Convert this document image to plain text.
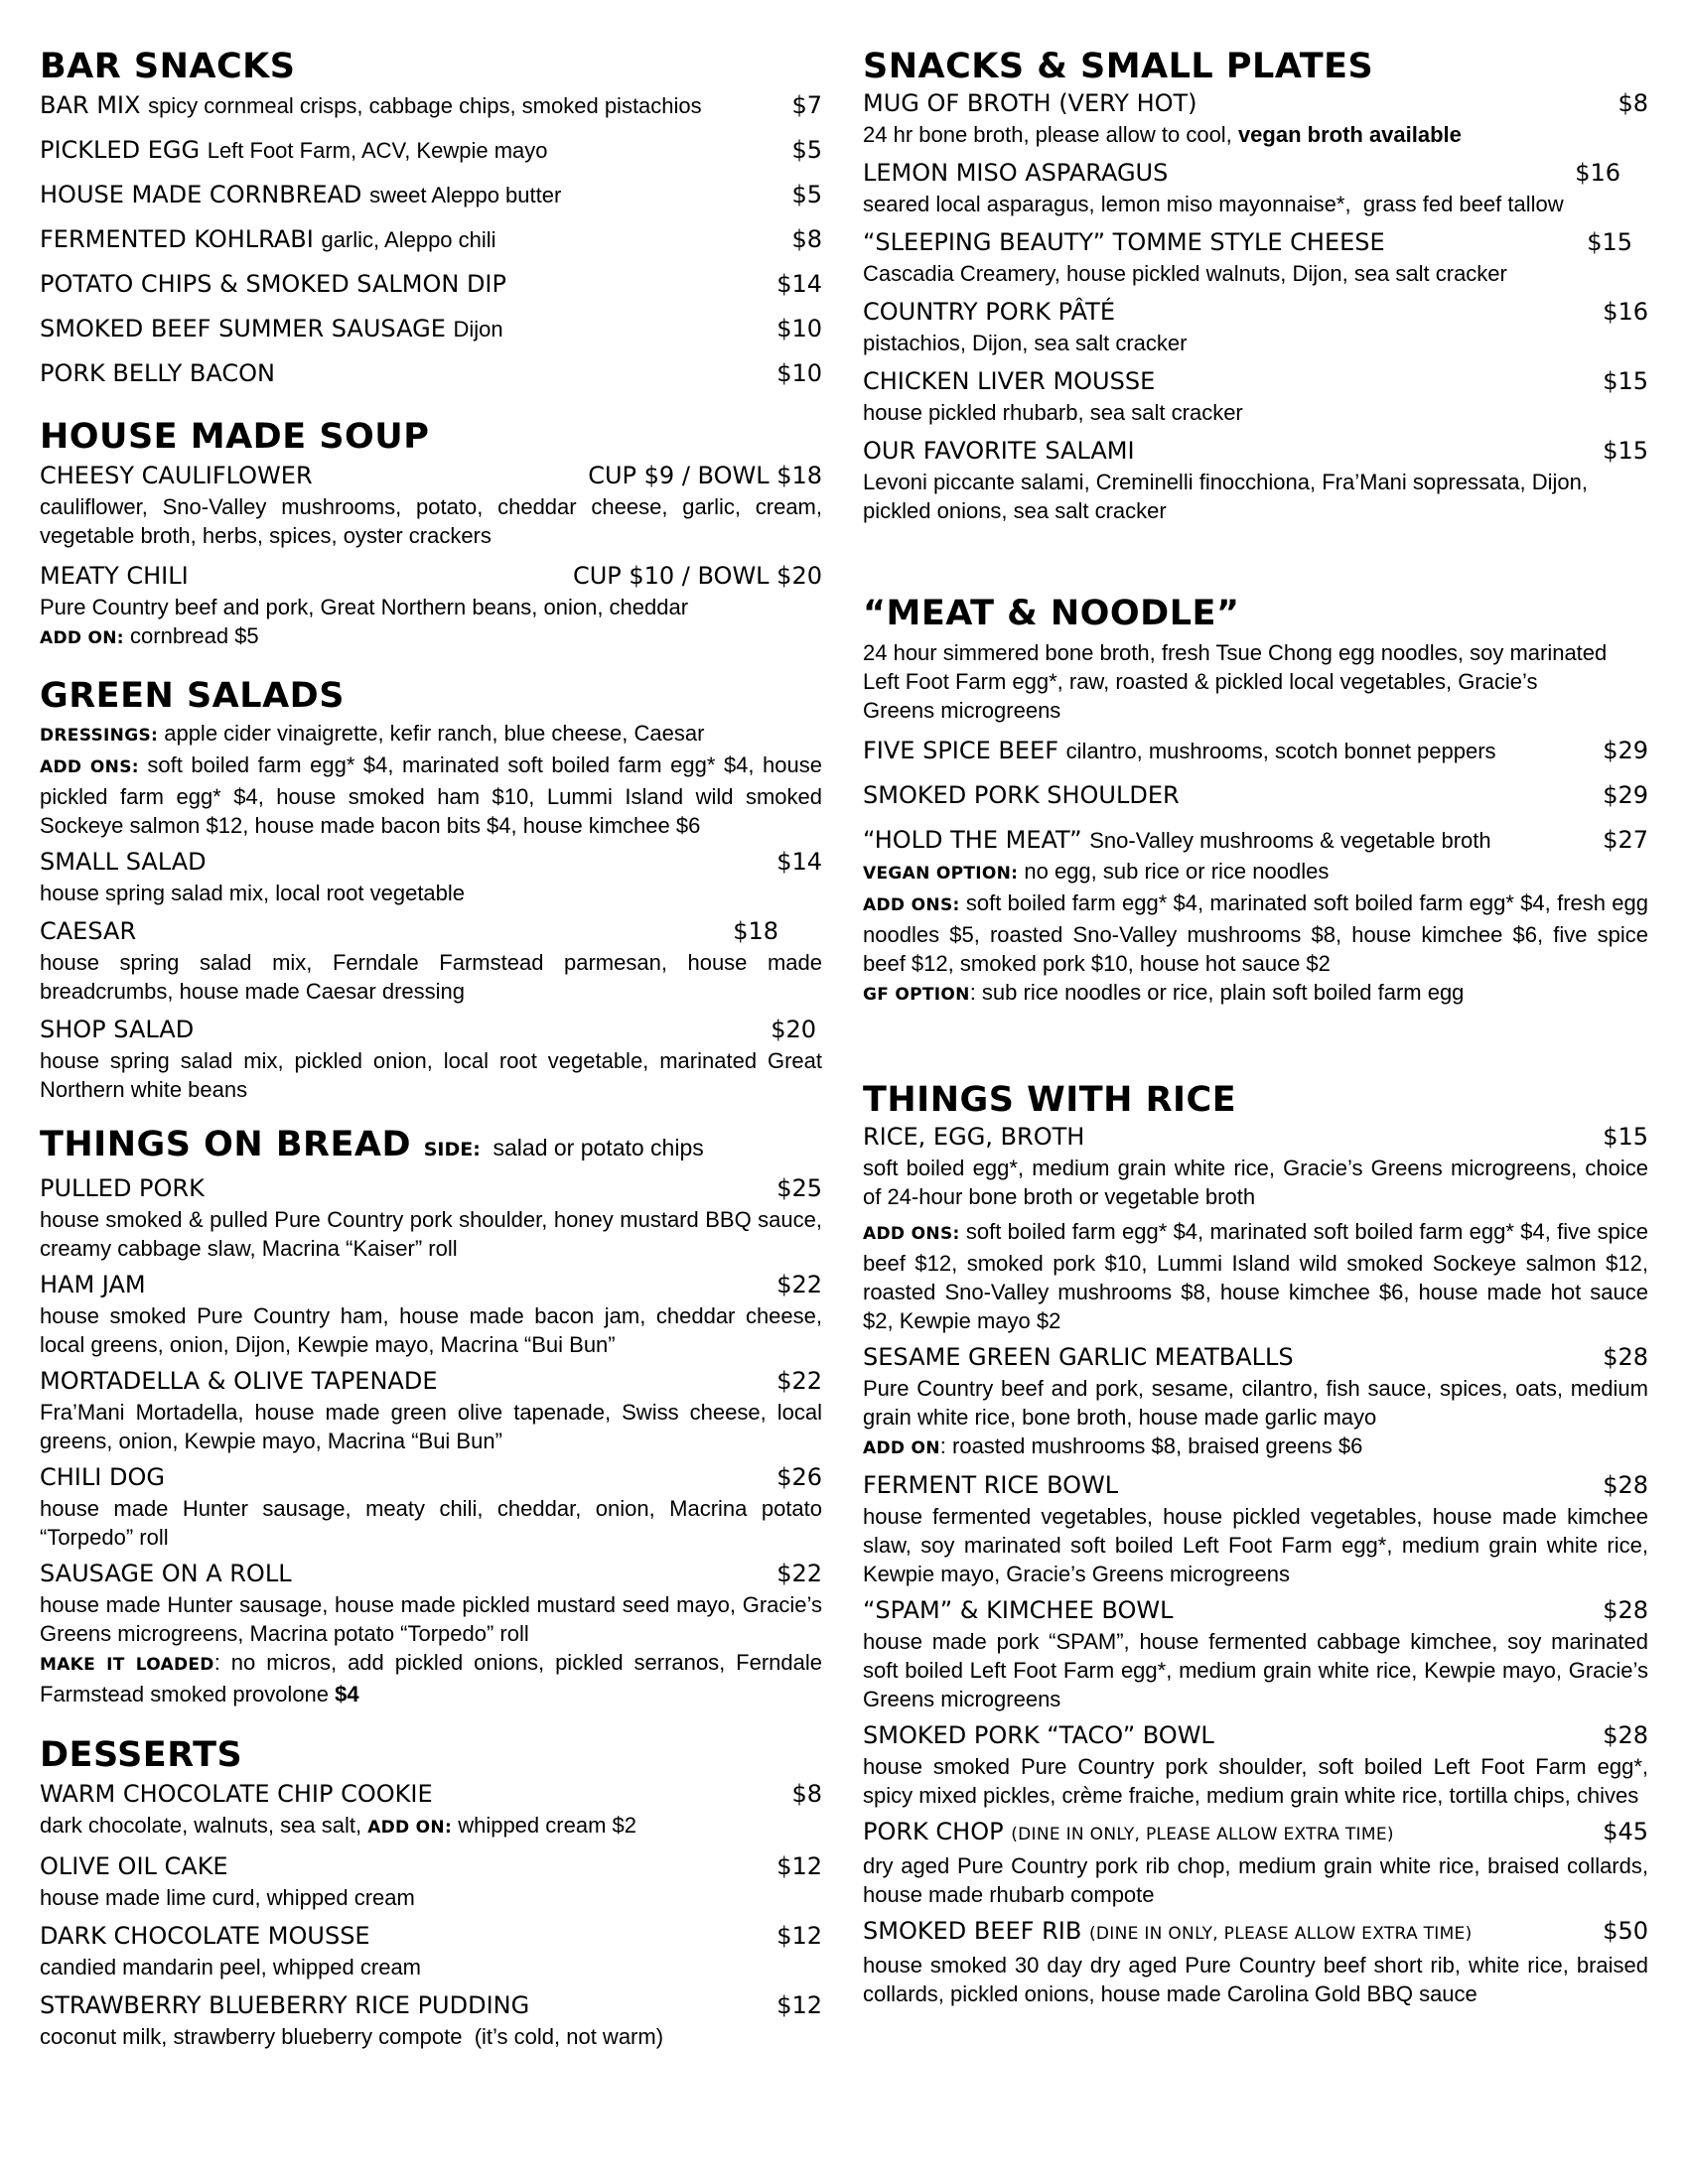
BAR SNACKS
BAR MIX spicy cornmeal crisps, cabbage chips, smoked pistachios	$7
PICKLED EGG Left Foot Farm, ACV, Kewpie mayo	$5
HOUSE MADE CORNBREAD sweet Aleppo butter	$5
FERMENTED KOHLRABI garlic, Aleppo chili	$8
POTATO CHIPS & SMOKED SALMON DIP	$14
SMOKED BEEF SUMMER SAUSAGE Dijon	$10
PORK BELLY BACON	$10
HOUSE MADE SOUP
CHEESY CAULIFLOWER	CUP $9 / BOWL $18
cauliflower, Sno-Valley mushrooms, potato, cheddar cheese, garlic, cream, vegetable broth, herbs, spices, oyster crackers
MEATY CHILI	CUP $10 / BOWL $20
Pure Country beef and pork, Great Northern beans, onion, cheddar
ADD ON: cornbread $5
GREEN SALADS
DRESSINGS: apple cider vinaigrette, kefir ranch, blue cheese, Caesar
ADD ONS: soft boiled farm egg* $4, marinated soft boiled farm egg* $4, house pickled farm egg* $4, house smoked ham $10, Lummi Island wild smoked Sockeye salmon $12, house made bacon bits $4, house kimchee $6
SMALL SALAD	$14
house spring salad mix, local root vegetable
CAESAR	$18
house spring salad mix, Ferndale Farmstead parmesan, house made breadcrumbs, house made Caesar dressing
SHOP SALAD	$20
house spring salad mix, pickled onion, local root vegetable, marinated Great Northern white beans
THINGS ON BREAD SIDE: salad or potato chips
PULLED PORK	$25
house smoked & pulled Pure Country pork shoulder, honey mustard BBQ sauce, creamy cabbage slaw, Macrina “Kaiser” roll
HAM JAM	$22
house smoked Pure Country ham, house made bacon jam, cheddar cheese, local greens, onion, Dijon, Kewpie mayo, Macrina “Bui Bun”
MORTADELLA & OLIVE TAPENADE	$22
Fra’Mani Mortadella, house made green olive tapenade, Swiss cheese, local greens, onion, Kewpie mayo, Macrina “Bui Bun”
CHILI DOG	$26
house made Hunter sausage, meaty chili, cheddar, onion, Macrina potato “Torpedo” roll
SAUSAGE ON A ROLL	$22
house made Hunter sausage, house made pickled mustard seed mayo, Gracie’s Greens microgreens, Macrina potato “Torpedo” roll
MAKE IT LOADED: no micros, add pickled onions, pickled serranos, Ferndale Farmstead smoked provolone $4
DESSERTS
WARM CHOCOLATE CHIP COOKIE	$8
dark chocolate, walnuts, sea salt, ADD ON: whipped cream $2
OLIVE OIL CAKE	$12
house made lime curd, whipped cream
DARK CHOCOLATE MOUSSE	$12
candied mandarin peel, whipped cream
STRAWBERRY BLUEBERRY RICE PUDDING	$12
coconut milk, strawberry blueberry compote  (it’s cold, not warm)
SNACKS & SMALL PLATES
MUG OF BROTH (VERY HOT)	$8
24 hr bone broth, please allow to cool, vegan broth available
LEMON MISO ASPARAGUS	$16
seared local asparagus, lemon miso mayonnaise*,  grass fed beef tallow
“SLEEPING BEAUTY” TOMME STYLE CHEESE	$15
Cascadia Creamery, house pickled walnuts, Dijon, sea salt cracker
COUNTRY PORK PÂTÉ	$16
pistachios, Dijon, sea salt cracker
CHICKEN LIVER MOUSSE	$15
house pickled rhubarb, sea salt cracker
OUR FAVORITE SALAMI	$15
Levoni piccante salami, Creminelli finocchiona, Fra’Mani sopressata, Dijon, pickled onions, sea salt cracker
“MEAT & NOODLE”
24 hour simmered bone broth, fresh Tsue Chong egg noodles, soy marinated Left Foot Farm egg*, raw, roasted & pickled local vegetables, Gracie’s Greens microgreens
FIVE SPICE BEEF cilantro, mushrooms, scotch bonnet peppers	$29
SMOKED PORK SHOULDER	$29
“HOLD THE MEAT” Sno-Valley mushrooms & vegetable broth	$27
VEGAN OPTION: no egg, sub rice or rice noodles
ADD ONS: soft boiled farm egg* $4, marinated soft boiled farm egg* $4, fresh egg noodles $5, roasted Sno-Valley mushrooms $8, house kimchee $6, five spice beef $12, smoked pork $10, house hot sauce $2
GF OPTION: sub rice noodles or rice, plain soft boiled farm egg
THINGS WITH RICE
RICE, EGG, BROTH	$15
soft boiled egg*, medium grain white rice, Gracie’s Greens microgreens, choice of 24-hour bone broth or vegetable broth
ADD ONS: soft boiled farm egg* $4, marinated soft boiled farm egg* $4, five spice beef $12, smoked pork $10, Lummi Island wild smoked Sockeye salmon $12, roasted Sno-Valley mushrooms $8, house kimchee $6, house made hot sauce $2, Kewpie mayo $2
SESAME GREEN GARLIC MEATBALLS	$28
Pure Country beef and pork, sesame, cilantro, fish sauce, spices, oats, medium grain white rice, bone broth, house made garlic mayo
ADD ON: roasted mushrooms $8, braised greens $6
FERMENT RICE BOWL	$28
house fermented vegetables, house pickled vegetables, house made kimchee slaw, soy marinated soft boiled Left Foot Farm egg*, medium grain white rice, Kewpie mayo, Gracie’s Greens microgreens
“SPAM” & KIMCHEE BOWL	$28
house made pork “SPAM”, house fermented cabbage kimchee, soy marinated soft boiled Left Foot Farm egg*, medium grain white rice, Kewpie mayo, Gracie’s Greens microgreens
SMOKED PORK “TACO” BOWL	$28
house smoked Pure Country pork shoulder, soft boiled Left Foot Farm egg*, spicy mixed pickles, crème fraiche, medium grain white rice, tortilla chips, chives
PORK CHOP (DINE IN ONLY, PLEASE ALLOW EXTRA TIME)	$45
dry aged Pure Country pork rib chop, medium grain white rice, braised collards, house made rhubarb compote
SMOKED BEEF RIB (DINE IN ONLY, PLEASE ALLOW EXTRA TIME)	$50
house smoked 30 day dry aged Pure Country beef short rib, white rice, braised collards, pickled onions, house made Carolina Gold BBQ sauce
